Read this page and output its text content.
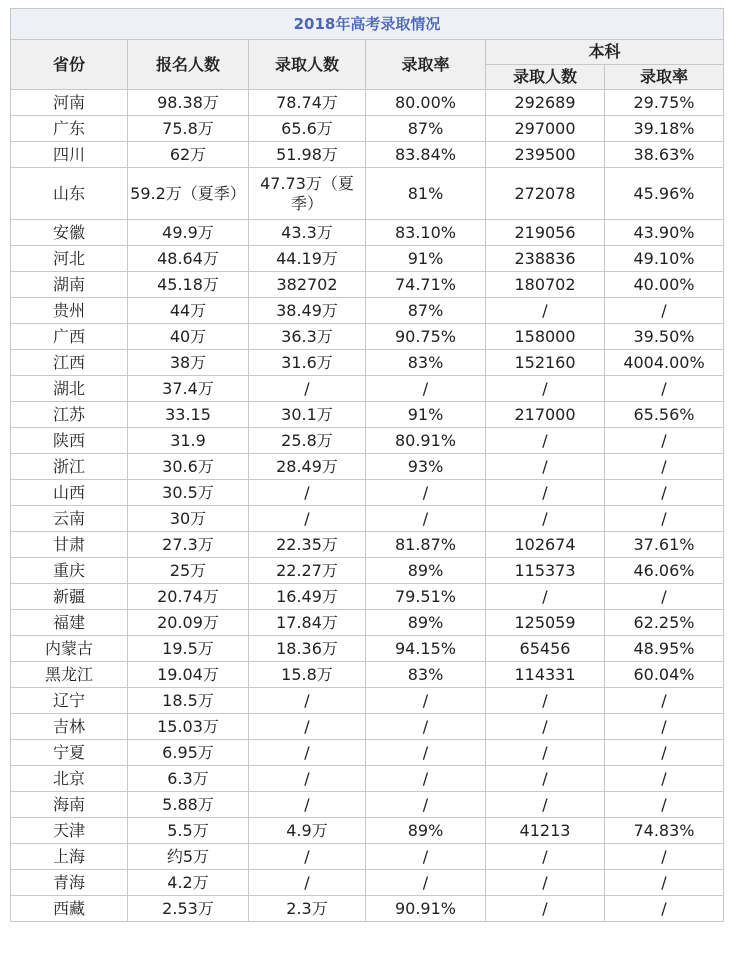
2018年高考录取情况					
省份	报名人数	录取人数	录取率	本科	
				录取人数	录取率
河南	98.38万	78.74万	80.00%	292689	29.75%
广东	75.8万	65.6万	87%	297000	39.18%
四川	62万	51.98万	83.84%	239500	38.63%
山东	59.2万（夏季）	47.73万（夏季）	81%	272078	45.96%
安徽	49.9万	43.3万	83.10%	219056	43.90%
河北	48.64万	44.19万	91%	238836	49.10%
湖南	45.18万	382702	74.71%	180702	40.00%
贵州	44万	38.49万	87%	/	/
广西	40万	36.3万	90.75%	158000	39.50%
江西	38万	31.6万	83%	152160	4004.00%
湖北	37.4万	/	/	/	/
江苏	33.15	30.1万	91%	217000	65.56%
陕西	31.9	25.8万	80.91%	/	/
浙江	30.6万	28.49万	93%	/	/
山西	30.5万	/	/	/	/
云南	30万	/	/	/	/
甘肃	27.3万	22.35万	81.87%	102674	37.61%
重庆	25万	22.27万	89%	115373	46.06%
新疆	20.74万	16.49万	79.51%	/	/
福建	20.09万	17.84万	89%	125059	62.25%
内蒙古	19.5万	18.36万	94.15%	65456	48.95%
黑龙江	19.04万	15.8万	83%	114331	60.04%
辽宁	18.5万	/	/	/	/
吉林	15.03万	/	/	/	/
宁夏	6.95万	/	/	/	/
北京	6.3万	/	/	/	/
海南	5.88万	/	/	/	/
天津	5.5万	4.9万	89%	41213	74.83%
上海	约5万	/	/	/	/
青海	4.2万	/	/	/	/
西藏	2.53万	2.3万	90.91%	/	/
